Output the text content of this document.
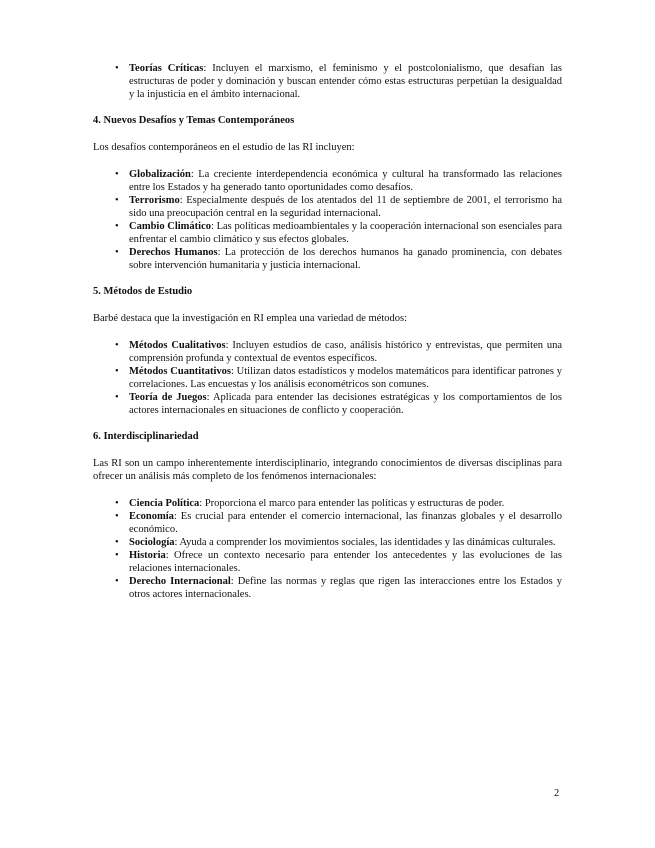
• Teorías Críticas: Incluyen el marxismo, el feminismo y el postcolonialismo, que desafían las estructuras de poder y dominación y buscan entender cómo estas estructuras perpetúan la desigualdad y la injusticia en el ámbito internacional.
4. Nuevos Desafíos y Temas Contemporáneos

Los desafíos contemporáneos en el estudio de las RI incluyen:

• Globalización: La creciente interdependencia económica y cultural ha transformado las relaciones entre los Estados y ha generado tanto oportunidades como desafíos.
• Terrorismo: Especialmente después de los atentados del 11 de septiembre de 2001, el terrorismo ha sido una preocupación central en la seguridad internacional.
• Cambio Climático: Las políticas medioambientales y la cooperación internacional son esenciales para enfrentar el cambio climático y sus efectos globales.
• Derechos Humanos: La protección de los derechos humanos ha ganado prominencia, con debates sobre intervención humanitaria y justicia internacional.
5. Métodos de Estudio

Barbé destaca que la investigación en RI emplea una variedad de métodos:

• Métodos Cualitativos: Incluyen estudios de caso, análisis histórico y entrevistas, que permiten una comprensión profunda y contextual de eventos específicos.
• Métodos Cuantitativos: Utilizan datos estadísticos y modelos matemáticos para identificar patrones y correlaciones. Las encuestas y los análisis econométricos son comunes.
• Teoría de Juegos: Aplicada para entender las decisiones estratégicas y los comportamientos de los actores internacionales en situaciones de conflicto y cooperación.
6. Interdisciplinariedad

Las RI son un campo inherentemente interdisciplinario, integrando conocimientos de diversas disciplinas para ofrecer un análisis más completo de los fenómenos internacionales:

• Ciencia Política: Proporciona el marco para entender las políticas y estructuras de poder.
• Economía: Es crucial para entender el comercio internacional, las finanzas globales y el desarrollo económico.
• Sociología: Ayuda a comprender los movimientos sociales, las identidades y las dinámicas culturales.
• Historia: Ofrece un contexto necesario para entender los antecedentes y las evoluciones de las relaciones internacionales.
• Derecho Internacional: Define las normas y reglas que rigen las interacciones entre los Estados y otros actores internacionales.
2
